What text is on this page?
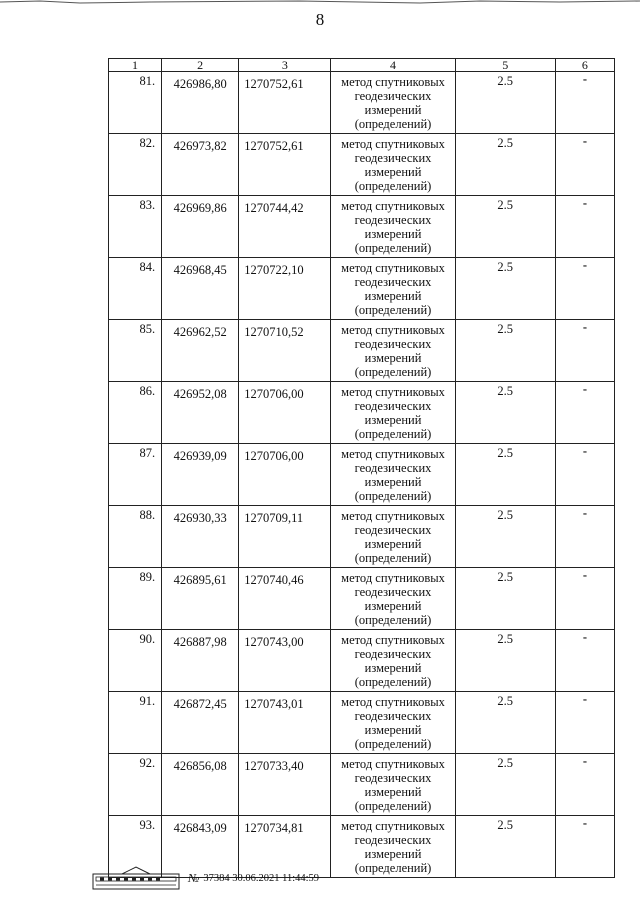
8
1	2	3	4	5	6
81.	426986,80	1270752,61	метод спутниковых геодезических измерений (определений)	2.5	-
82.	426973,82	1270752,61	метод спутниковых геодезических измерений (определений)	2.5	-
83.	426969,86	1270744,42	метод спутниковых геодезических измерений (определений)	2.5	-
84.	426968,45	1270722,10	метод спутниковых геодезических измерений (определений)	2.5	-
85.	426962,52	1270710,52	метод спутниковых геодезических измерений (определений)	2.5	-
86.	426952,08	1270706,00	метод спутниковых геодезических измерений (определений)	2.5	-
87.	426939,09	1270706,00	метод спутниковых геодезических измерений (определений)	2.5	-
88.	426930,33	1270709,11	метод спутниковых геодезических измерений (определений)	2.5	-
89.	426895,61	1270740,46	метод спутниковых геодезических измерений (определений)	2.5	-
90.	426887,98	1270743,00	метод спутниковых геодезических измерений (определений)	2.5	-
91.	426872,45	1270743,01	метод спутниковых геодезических измерений (определений)	2.5	-
92.	426856,08	1270733,40	метод спутниковых геодезических измерений (определений)	2.5	-
93.	426843,09	1270734,81	метод спутниковых геодезических измерений (определений)	2.5	-
№ 37384
30.06.2021 11:44:59
